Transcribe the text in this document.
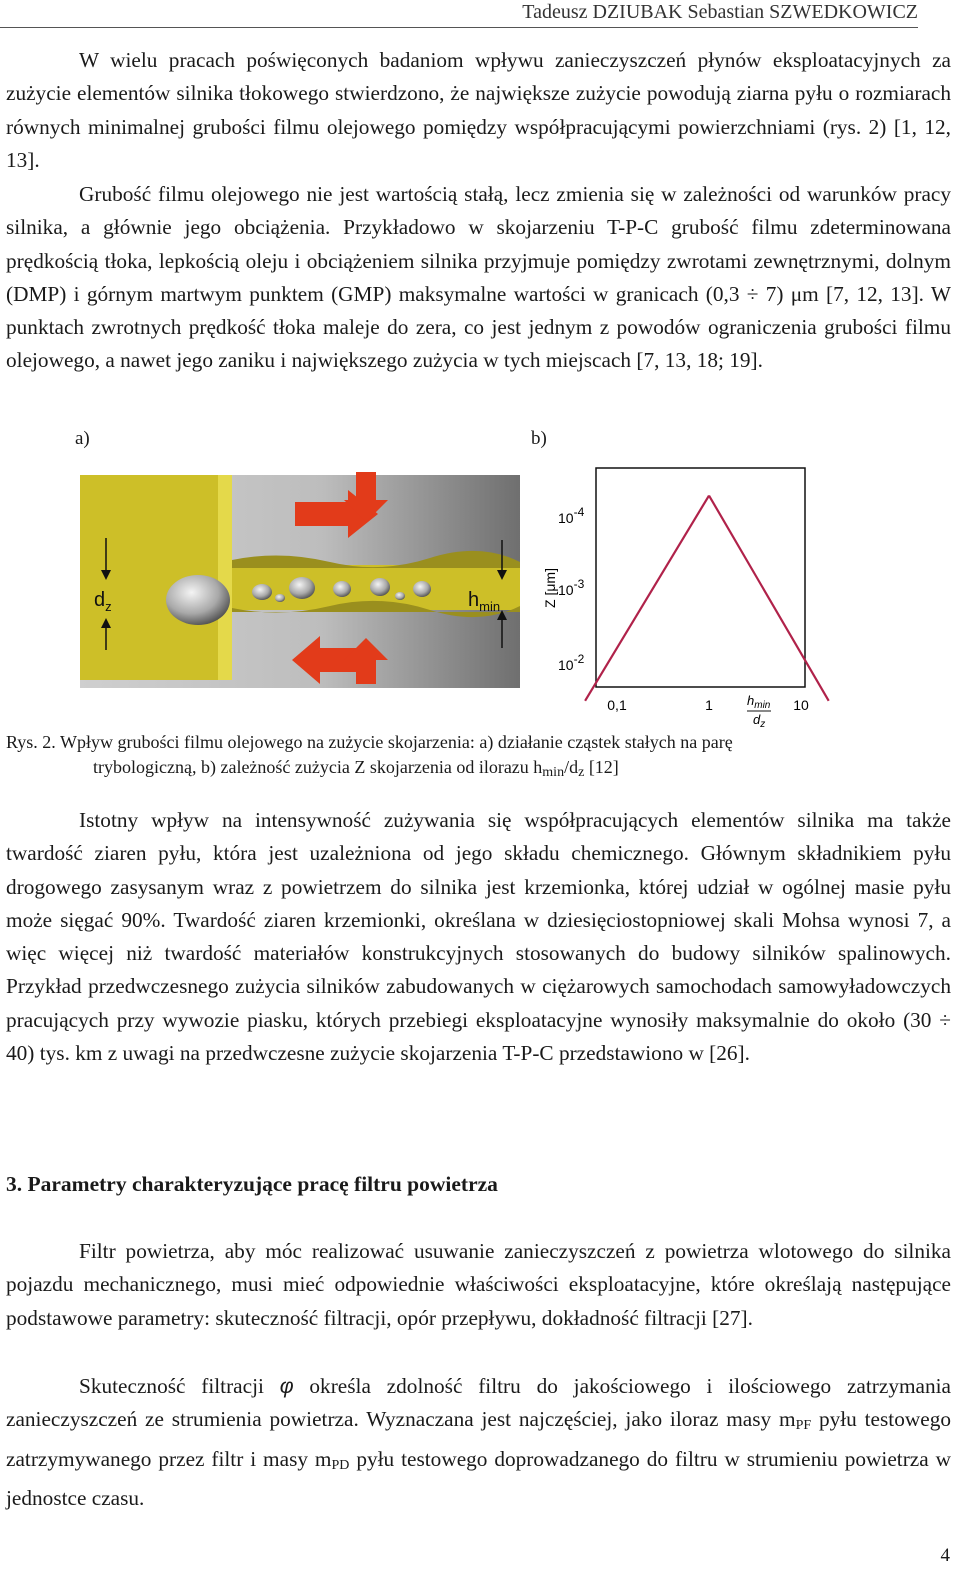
Tadeusz DZIUBAK Sebastian SZWEDKOWICZ

W wielu pracach poświęconych badaniom wpływu zanieczyszczeń płynów eksploatacyjnych za zużycie elementów silnika tłokowego stwierdzono, że największe zużycie powodują ziarna pyłu o rozmiarach równych minimalnej grubości filmu olejowego pomiędzy współpracującymi powierzchniami (rys. 2) [1, 12, 13].

Grubość filmu olejowego nie jest wartością stałą, lecz zmienia się w zależności od warunków pracy silnika, a głównie jego obciążenia. Przykładowo w skojarzeniu T-P-C grubość filmu zdeterminowana prędkością tłoka, lepkością oleju i obciążeniem silnika przyjmuje pomiędzy zwrotami zewnętrznymi, dolnym (DMP) i górnym martwym punktem (GMP) maksymalne wartości w granicach (0,3 ÷ 7) μm [7, 12, 13]. W punktach zwrotnych prędkość tłoka maleje do zera, co jest jednym z powodów ograniczenia grubości filmu olejowego, a nawet jego zaniku i największego zużycia w tych miejscach [7, 13, 18; 19].

a)	b)
$d_z$	$h_{min}$	Z [μm]
10-4
10-3
10-2
0,1	1	10
$h_{min}$
$d_z$
Rys. 2. Wpływ grubości filmu olejowego na zużycie skojarzenia: a) działanie cząstek stałych na parę
trybologiczną, b) zależność zużycia Z skojarzenia od ilorazu $h_{min}/d_z$ [12]

Istotny wpływ na intensywność zużywania się współpracujących elementów silnika ma także twardość ziaren pyłu, która jest uzależniona od jego składu chemicznego. Głównym składnikiem pyłu drogowego zasysanym wraz z powietrzem do silnika jest krzemionka, której udział w ogólnej masie pyłu może sięgać 90%. Twardość ziaren krzemionki, określana w dziesięciostopniowej skali Mohsa wynosi 7, a więc więcej niż twardość materiałów konstrukcyjnych stosowanych do budowy silników spalinowych. Przykład przedwczesnego zużycia silników zabudowanych w ciężarowych samochodach samowyładowczych pracujących przy wywozie piasku, których przebiegi eksploatacyjne wynosiły maksymalnie do około (30 ÷ 40) tys. km z uwagi na przedwczesne zużycie skojarzenia T-P-C przedstawiono w [26].

3. Parametry charakteryzujące pracę filtru powietrza

Filtr powietrza, aby móc realizować usuwanie zanieczyszczeń z powietrza wlotowego do silnika pojazdu mechanicznego, musi mieć odpowiednie właściwości eksploatacyjne, które określają następujące podstawowe parametry: skuteczność filtracji, opór przepływu, dokładność filtracji [27].

Skuteczność filtracji φ określa zdolność filtru do jakościowego i ilościowego zatrzymania zanieczyszczeń ze strumienia powietrza. Wyznaczana jest najczęściej, jako iloraz masy $m_{PF}$ pyłu testowego zatrzymywanego przez filtr i masy $m_{PD}$ pyłu testowego doprowadzanego do filtru w strumieniu powietrza w jednostce czasu.

4
